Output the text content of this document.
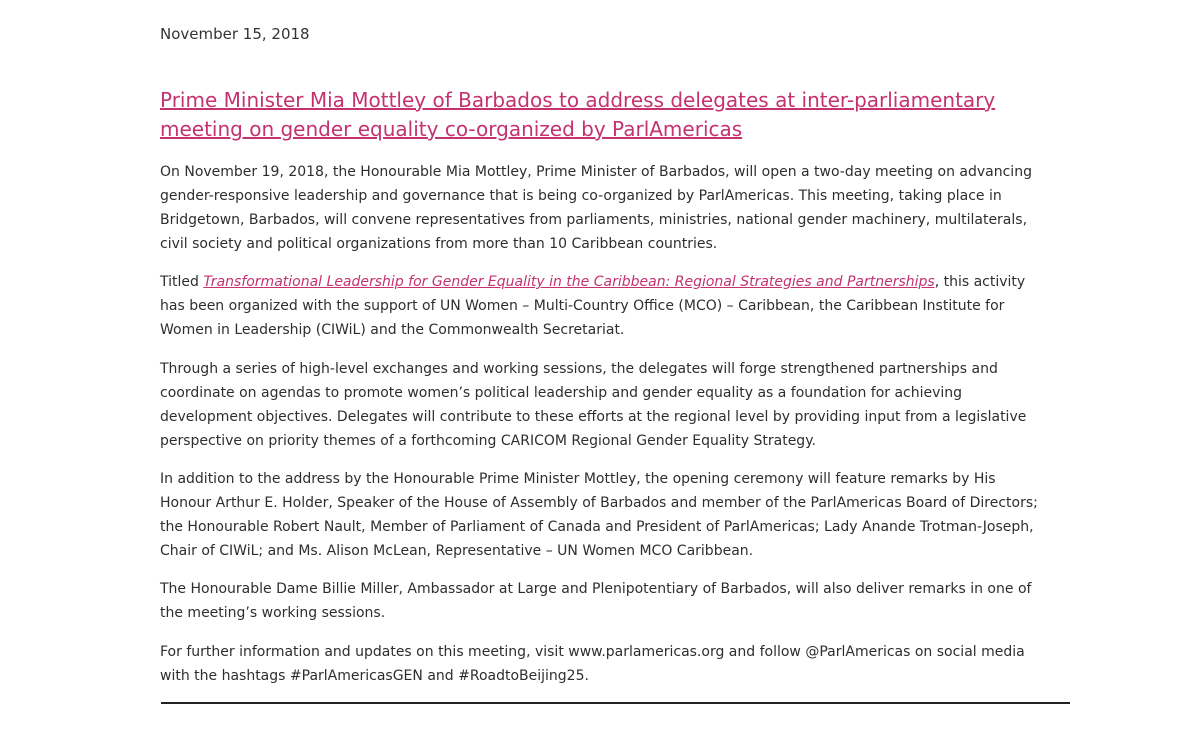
November 15, 2018
Prime Minister Mia Mottley of Barbados to address delegates at inter-parliamentary
meeting on gender equality co-organized by ParlAmericas

On November 19, 2018, the Honourable Mia Mottley, Prime Minister of Barbados, will open a two-day meeting on advancing
gender-responsive leadership and governance that is being co-organized by ParlAmericas. This meeting, taking place in
Bridgetown, Barbados, will convene representatives from parliaments, ministries, national gender machinery, multilaterals,
civil society and political organizations from more than 10 Caribbean countries.

Titled Transformational Leadership for Gender Equality in the Caribbean: Regional Strategies and Partnerships, this activity
has been organized with the support of UN Women – Multi-Country Office (MCO) – Caribbean, the Caribbean Institute for
Women in Leadership (CIWiL) and the Commonwealth Secretariat.

Through a series of high-level exchanges and working sessions, the delegates will forge strengthened partnerships and
coordinate on agendas to promote women’s political leadership and gender equality as a foundation for achieving
development objectives. Delegates will contribute to these efforts at the regional level by providing input from a legislative
perspective on priority themes of a forthcoming CARICOM Regional Gender Equality Strategy.

In addition to the address by the Honourable Prime Minister Mottley, the opening ceremony will feature remarks by His
Honour Arthur E. Holder, Speaker of the House of Assembly of Barbados and member of the ParlAmericas Board of Directors;
the Honourable Robert Nault, Member of Parliament of Canada and President of ParlAmericas; Lady Anande Trotman-Joseph,
Chair of CIWiL; and Ms. Alison McLean, Representative – UN Women MCO Caribbean.

The Honourable Dame Billie Miller, Ambassador at Large and Plenipotentiary of Barbados, will also deliver remarks in one of
the meeting’s working sessions.

For further information and updates on this meeting, visit www.parlamericas.org and follow @ParlAmericas on social media
with the hashtags #ParlAmericasGEN and #RoadtoBeijing25.
